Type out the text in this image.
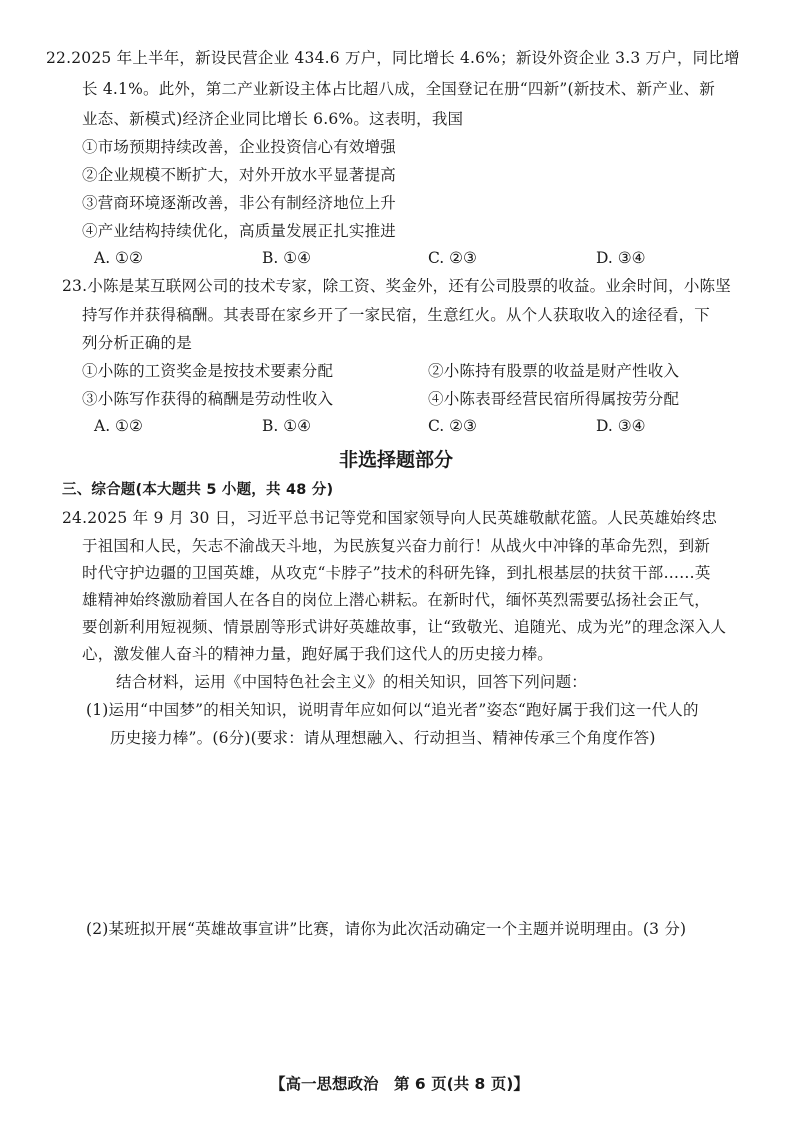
22.2025 年上半年，新设民营企业 434.6 万户，同比增长 4.6%；新设外资企业 3.3 万户，同比增
长 4.1%。此外，第二产业新设主体占比超八成，全国登记在册“四新”(新技术、新产业、新
业态、新模式)经济企业同比增长 6.6%。这表明，我国
①市场预期持续改善，企业投资信心有效增强
②企业规模不断扩大，对外开放水平显著提高
③营商环境逐渐改善，非公有制经济地位上升
④产业结构持续优化，高质量发展正扎实推进
A. ①②	B. ①④	C. ②③	D. ③④
23.小陈是某互联网公司的技术专家，除工资、奖金外，还有公司股票的收益。业余时间，小陈坚
持写作并获得稿酬。其表哥在家乡开了一家民宿，生意红火。从个人获取收入的途径看，下
列分析正确的是
①小陈的工资奖金是按技术要素分配	②小陈持有股票的收益是财产性收入
③小陈写作获得的稿酬是劳动性收入	④小陈表哥经营民宿所得属按劳分配
A. ①②	B. ①④	C. ②③	D. ③④
非选择题部分
三、综合题(本大题共 5 小题，共 48 分)
24.2025 年 9 月 30 日，习近平总书记等党和国家领导向人民英雄敬献花篮。人民英雄始终忠
于祖国和人民，矢志不渝战天斗地，为民族复兴奋力前行！从战火中冲锋的革命先烈，到新
时代守护边疆的卫国英雄，从攻克“卡脖子”技术的科研先锋，到扎根基层的扶贫干部……英
雄精神始终激励着国人在各自的岗位上潜心耕耘。在新时代，缅怀英烈需要弘扬社会正气，
要创新利用短视频、情景剧等形式讲好英雄故事，让“致敬光、追随光、成为光”的理念深入人
心，激发催人奋斗的精神力量，跑好属于我们这代人的历史接力棒。
结合材料，运用《中国特色社会主义》的相关知识，回答下列问题：
(1)运用“中国梦”的相关知识，说明青年应如何以“追光者”姿态“跑好属于我们这一代人的
历史接力棒”。(6分)(要求：请从理想融入、行动担当、精神传承三个角度作答)
(2)某班拟开展“英雄故事宣讲”比赛，请你为此次活动确定一个主题并说明理由。(3 分)
【高一思想政治　第 6 页(共 8 页)】
